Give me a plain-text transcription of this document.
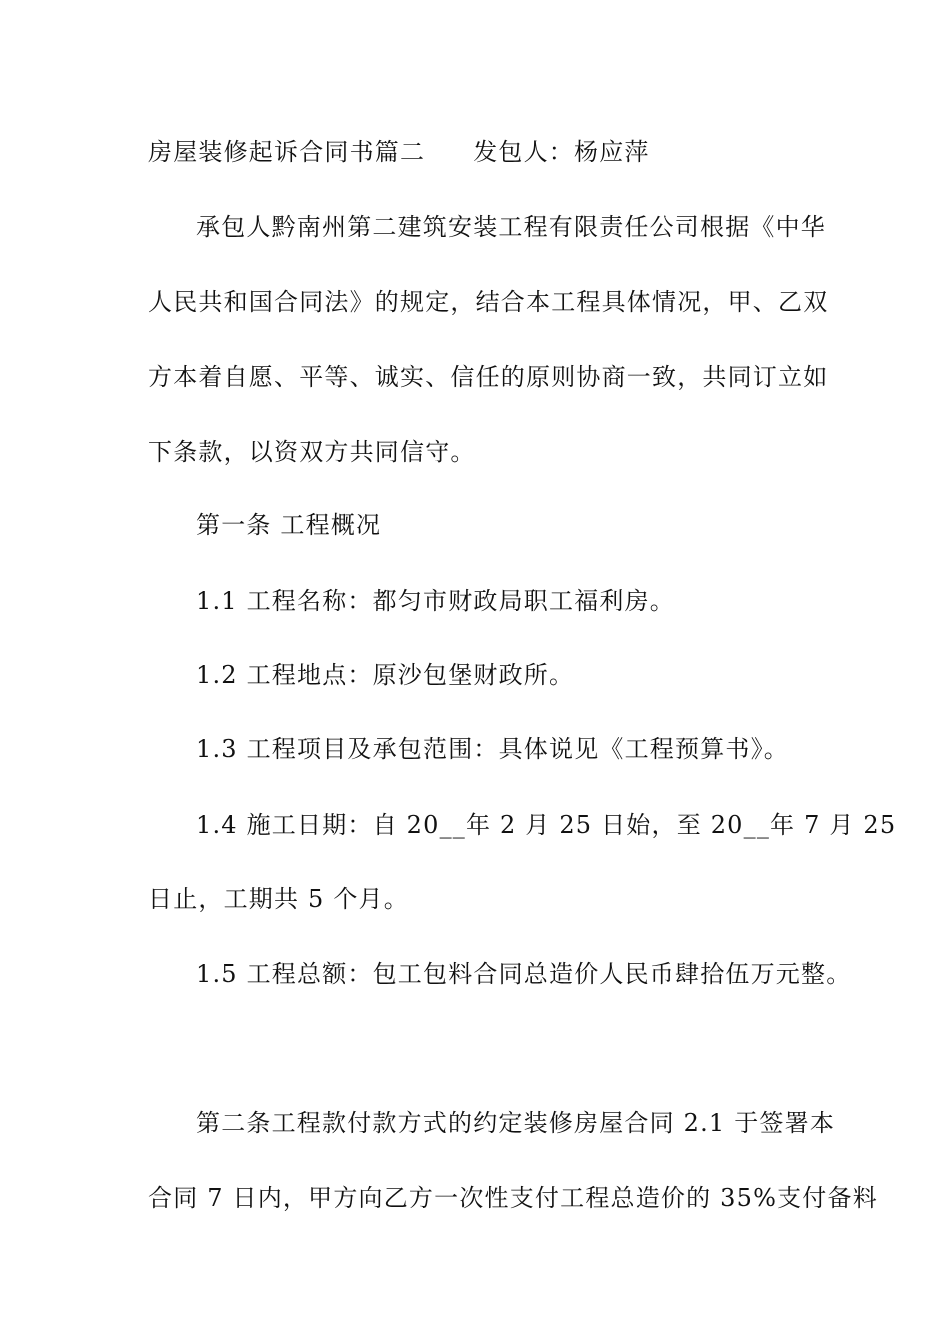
房屋装修起诉合同书篇二 发包人：杨应萍
承包人黔南州第二建筑安装工程有限责任公司根据《中华
人民共和国合同法》的规定，结合本工程具体情况，甲、乙双
方本着自愿、平等、诚实、信任的原则协商一致，共同订立如
下条款，以资双方共同信守。
第一条 工程概况
1.1 工程名称：都匀市财政局职工福利房。
1.2 工程地点：原沙包堡财政所。
1.3 工程项目及承包范围：具体说见《工程预算书》。
1.4 施工日期：自 20__年 2 月 25 日始，至 20__年 7 月 25
日止，工期共 5 个月。
1.5 工程总额：包工包料合同总造价人民币肆拾伍万元整。
第二条工程款付款方式的约定装修房屋合同 2.1 于签署本
合同 7 日内，甲方向乙方一次性支付工程总造价的 35%支付备料
